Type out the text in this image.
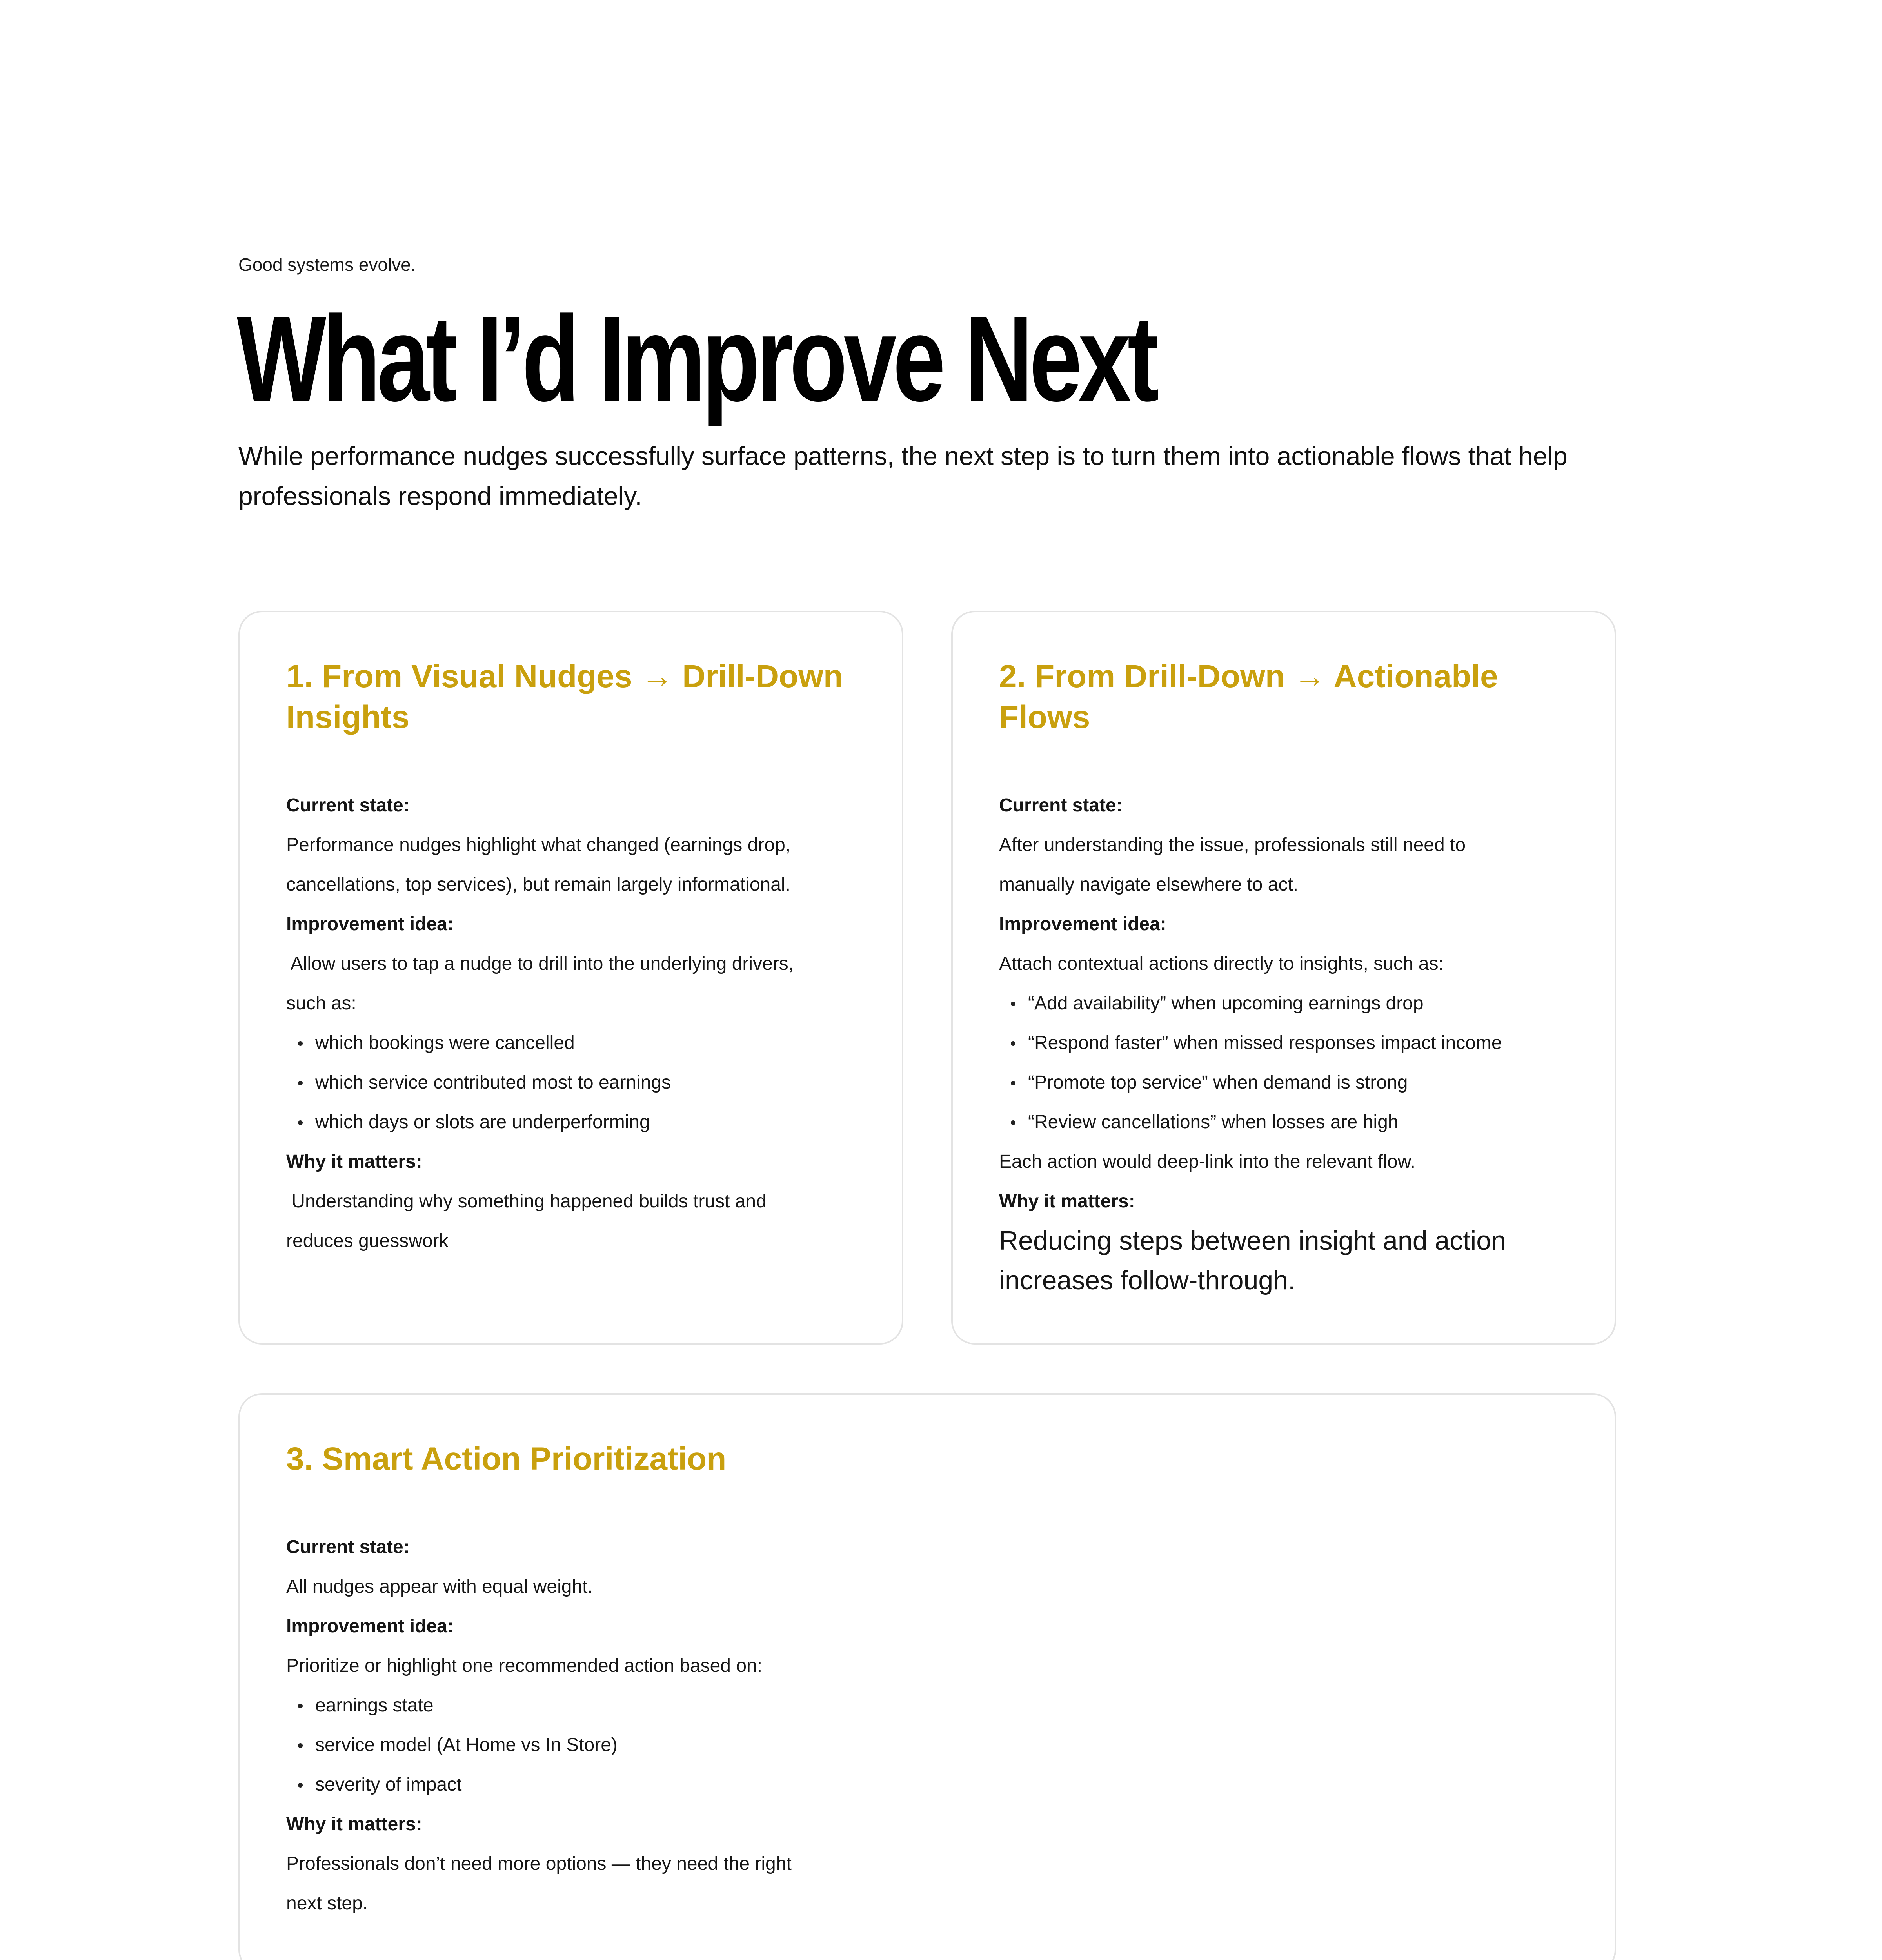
Good systems evolve.

What I’d Improve Next

While performance nudges successfully surface patterns, the next step is to turn them into actionable flows that help professionals respond immediately.

1. From Visual Nudges → Drill-Down Insights
Current state:
Performance nudges highlight what changed (earnings drop,
cancellations, top services), but remain largely informational.
Improvement idea:
Allow users to tap a nudge to drill into the underlying drivers,
such as:
which bookings were cancelled
which service contributed most to earnings
which days or slots are underperforming
Why it matters:
Understanding why something happened builds trust and
reduces guesswork
2. From Drill-Down → Actionable Flows
Current state:
After understanding the issue, professionals still need to
manually navigate elsewhere to act.
Improvement idea:
Attach contextual actions directly to insights, such as:
“Add availability” when upcoming earnings drop
“Respond faster” when missed responses impact income
“Promote top service” when demand is strong
“Review cancellations” when losses are high
Each action would deep-link into the relevant flow.
Why it matters:
Reducing steps between insight and action
increases follow-through.
3. Smart Action Prioritization
Current state:
All nudges appear with equal weight.
Improvement idea:
Prioritize or highlight one recommended action based on:
earnings state
service model (At Home vs In Store)
severity of impact
Why it matters:
Professionals don’t need more options — they need the right
next step.
